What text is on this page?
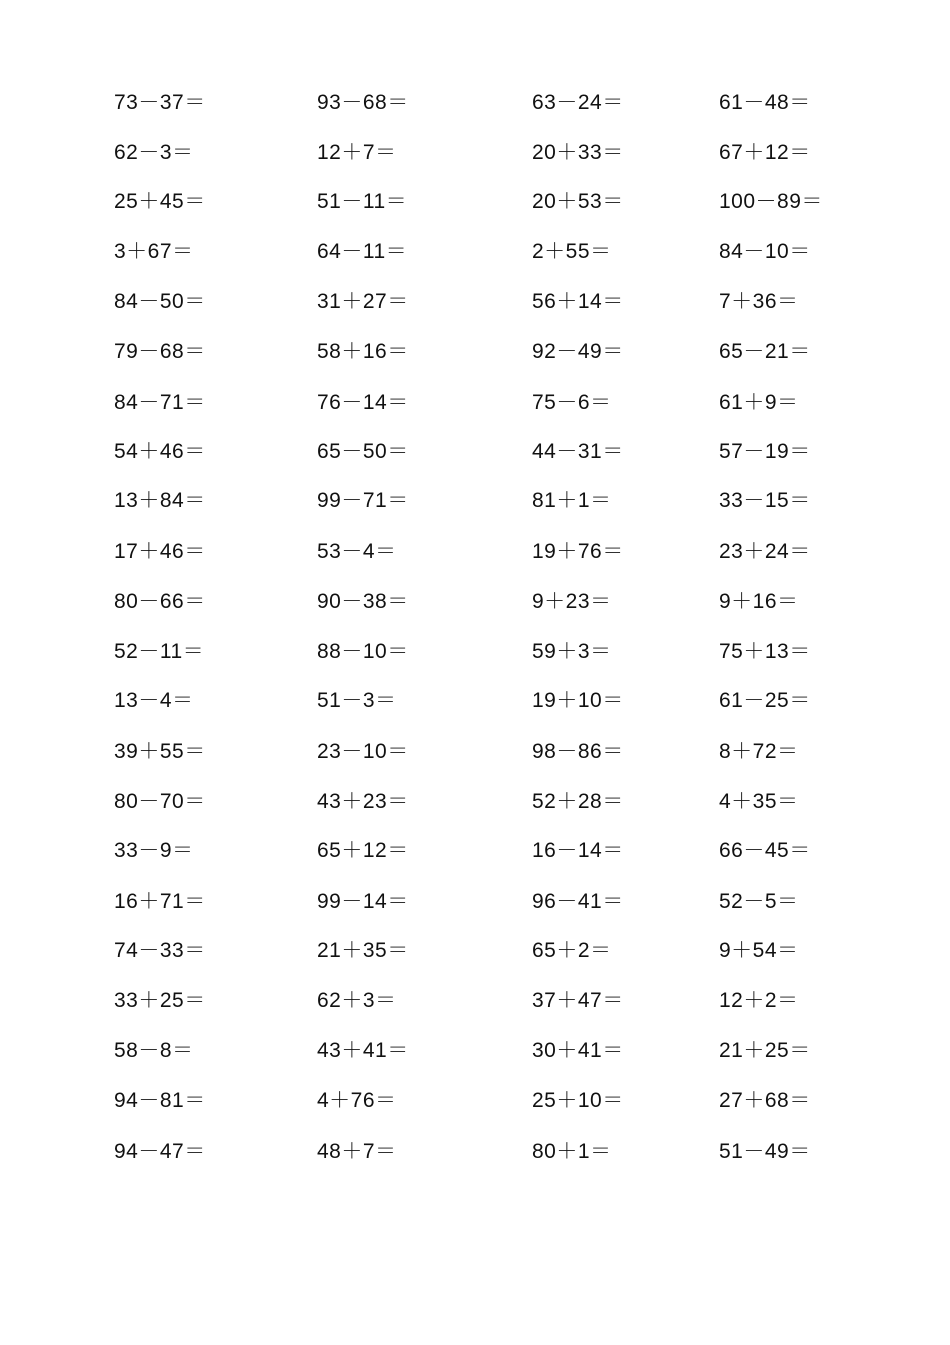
73－37＝	93－68＝	63－24＝	61－48＝
62－3＝	12＋7＝	20＋33＝	67＋12＝
25＋45＝	51－11＝	20＋53＝	100－89＝
3＋67＝	64－11＝	2＋55＝	84－10＝
84－50＝	31＋27＝	56＋14＝	7＋36＝
79－68＝	58＋16＝	92－49＝	65－21＝
84－71＝	76－14＝	75－6＝	61＋9＝
54＋46＝	65－50＝	44－31＝	57－19＝
13＋84＝	99－71＝	81＋1＝	33－15＝
17＋46＝	53－4＝	19＋76＝	23＋24＝
80－66＝	90－38＝	9＋23＝	9＋16＝
52－11＝	88－10＝	59＋3＝	75＋13＝
13－4＝	51－3＝	19＋10＝	61－25＝
39＋55＝	23－10＝	98－86＝	8＋72＝
80－70＝	43＋23＝	52＋28＝	4＋35＝
33－9＝	65＋12＝	16－14＝	66－45＝
16＋71＝	99－14＝	96－41＝	52－5＝
74－33＝	21＋35＝	65＋2＝	9＋54＝
33＋25＝	62＋3＝	37＋47＝	12＋2＝
58－8＝	43＋41＝	30＋41＝	21＋25＝
94－81＝	4＋76＝	25＋10＝	27＋68＝
94－47＝	48＋7＝	80＋1＝	51－49＝
